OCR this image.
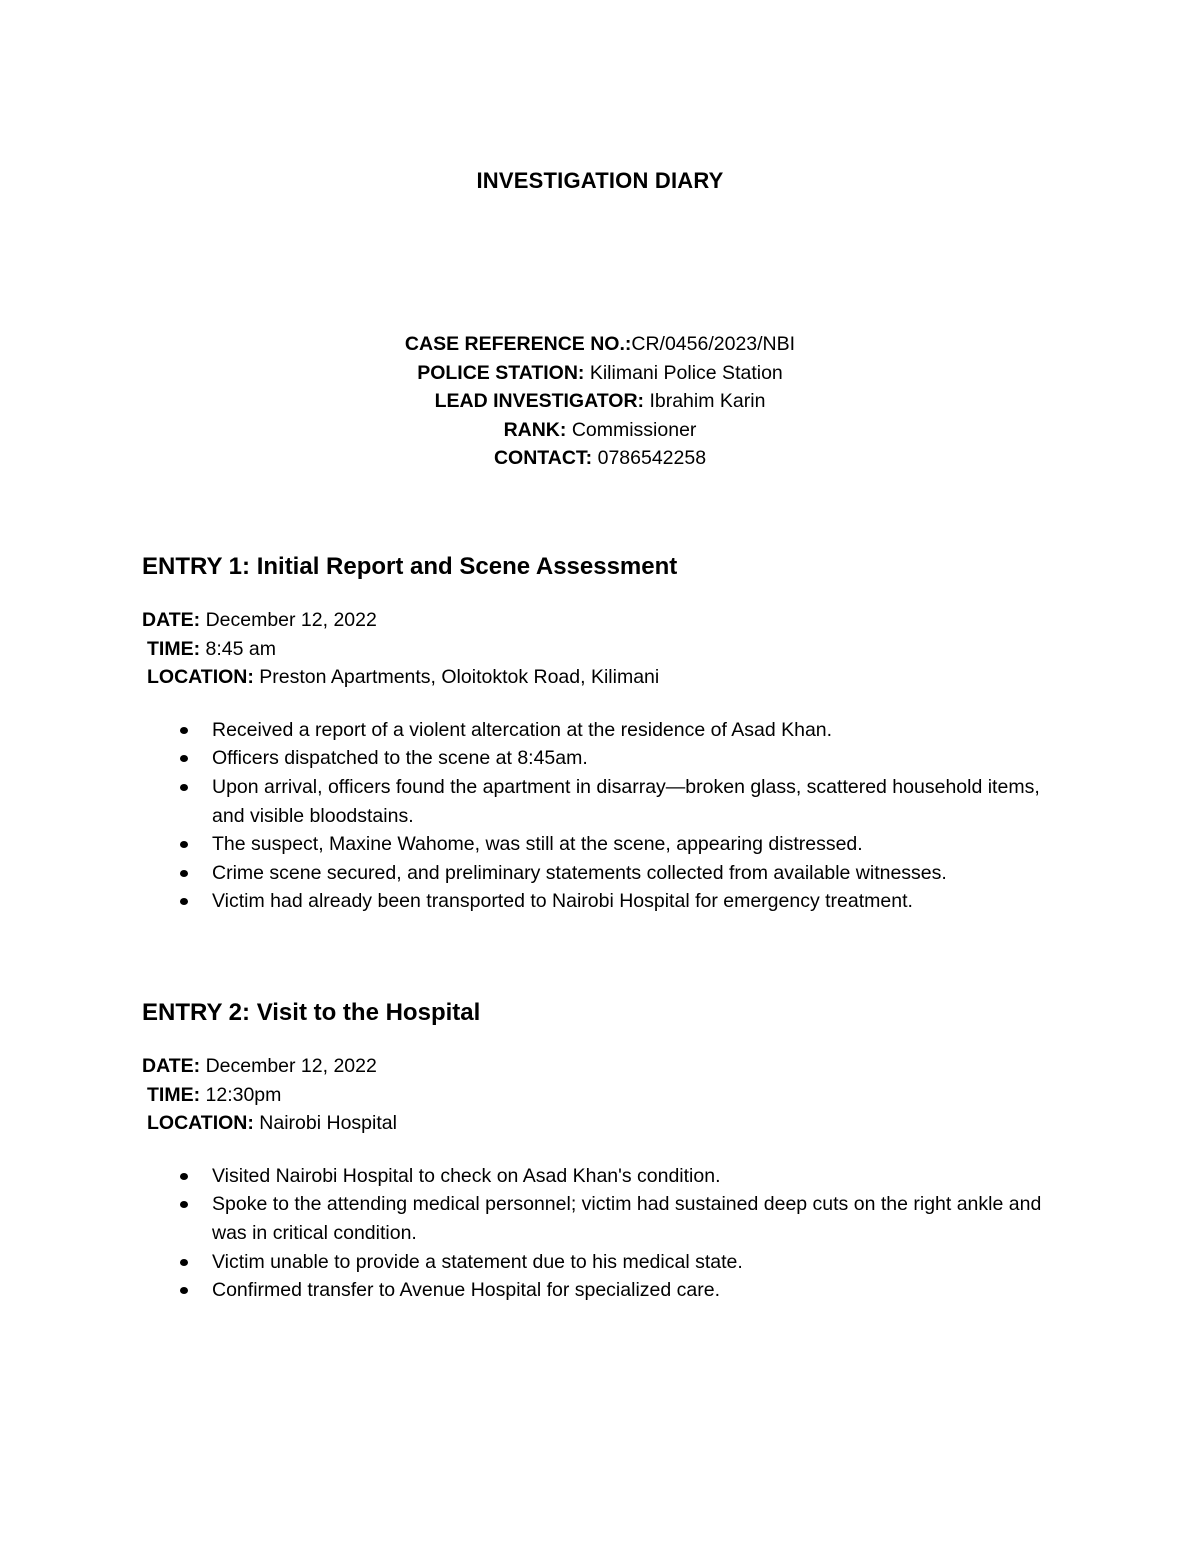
INVESTIGATION DIARY
CASE REFERENCE NO.:CR/0456/2023/NBI
POLICE STATION: Kilimani Police Station
LEAD INVESTIGATOR: Ibrahim Karin
RANK: Commissioner
CONTACT: 0786542258
ENTRY 1: Initial Report and Scene Assessment
DATE: December 12, 2022
TIME: 8:45 am
LOCATION: Preston Apartments, Oloitoktok Road, Kilimani
Received a report of a violent altercation at the residence of Asad Khan.
Officers dispatched to the scene at 8:45am.
Upon arrival, officers found the apartment in disarray—broken glass, scattered household items, and visible bloodstains.
The suspect, Maxine Wahome, was still at the scene, appearing distressed.
Crime scene secured, and preliminary statements collected from available witnesses.
Victim had already been transported to Nairobi Hospital for emergency treatment.
ENTRY 2: Visit to the Hospital
DATE: December 12, 2022
TIME: 12:30pm
LOCATION: Nairobi Hospital
Visited Nairobi Hospital to check on Asad Khan's condition.
Spoke to the attending medical personnel; victim had sustained deep cuts on the right ankle and was in critical condition.
Victim unable to provide a statement due to his medical state.
Confirmed transfer to Avenue Hospital for specialized care.
